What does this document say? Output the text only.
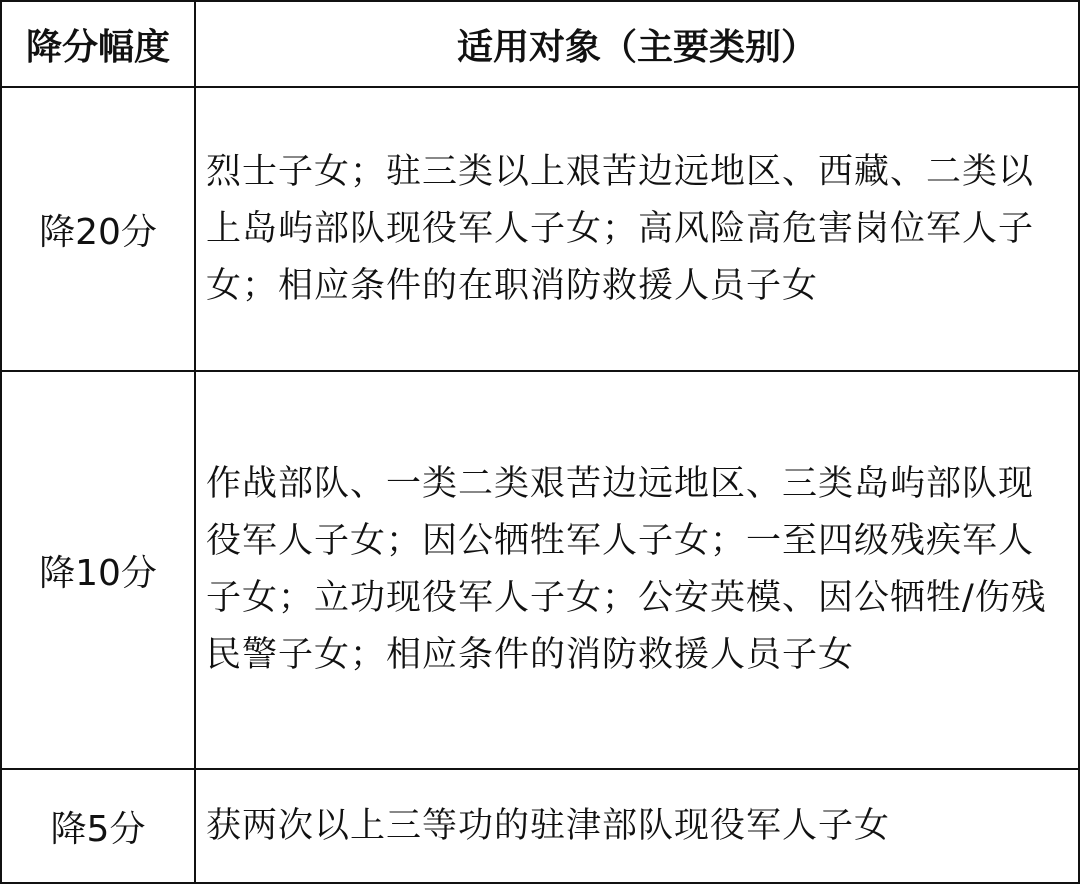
降分幅度	适用对象（主要类别）
降20分
烈士子女；驻三类以上艰苦边远地区、西藏、二类以上岛屿部队现役军人子女；高风险高危害岗位军人子女；相应条件的在职消防救援人员子女
降10分
作战部队、一类二类艰苦边远地区、三类岛屿部队现役军人子女；因公牺牲军人子女；一至四级残疾军人子女；立功现役军人子女；公安英模、因公牺牲/伤残民警子女；相应条件的消防救援人员子女
降5分	获两次以上三等功的驻津部队现役军人子女
